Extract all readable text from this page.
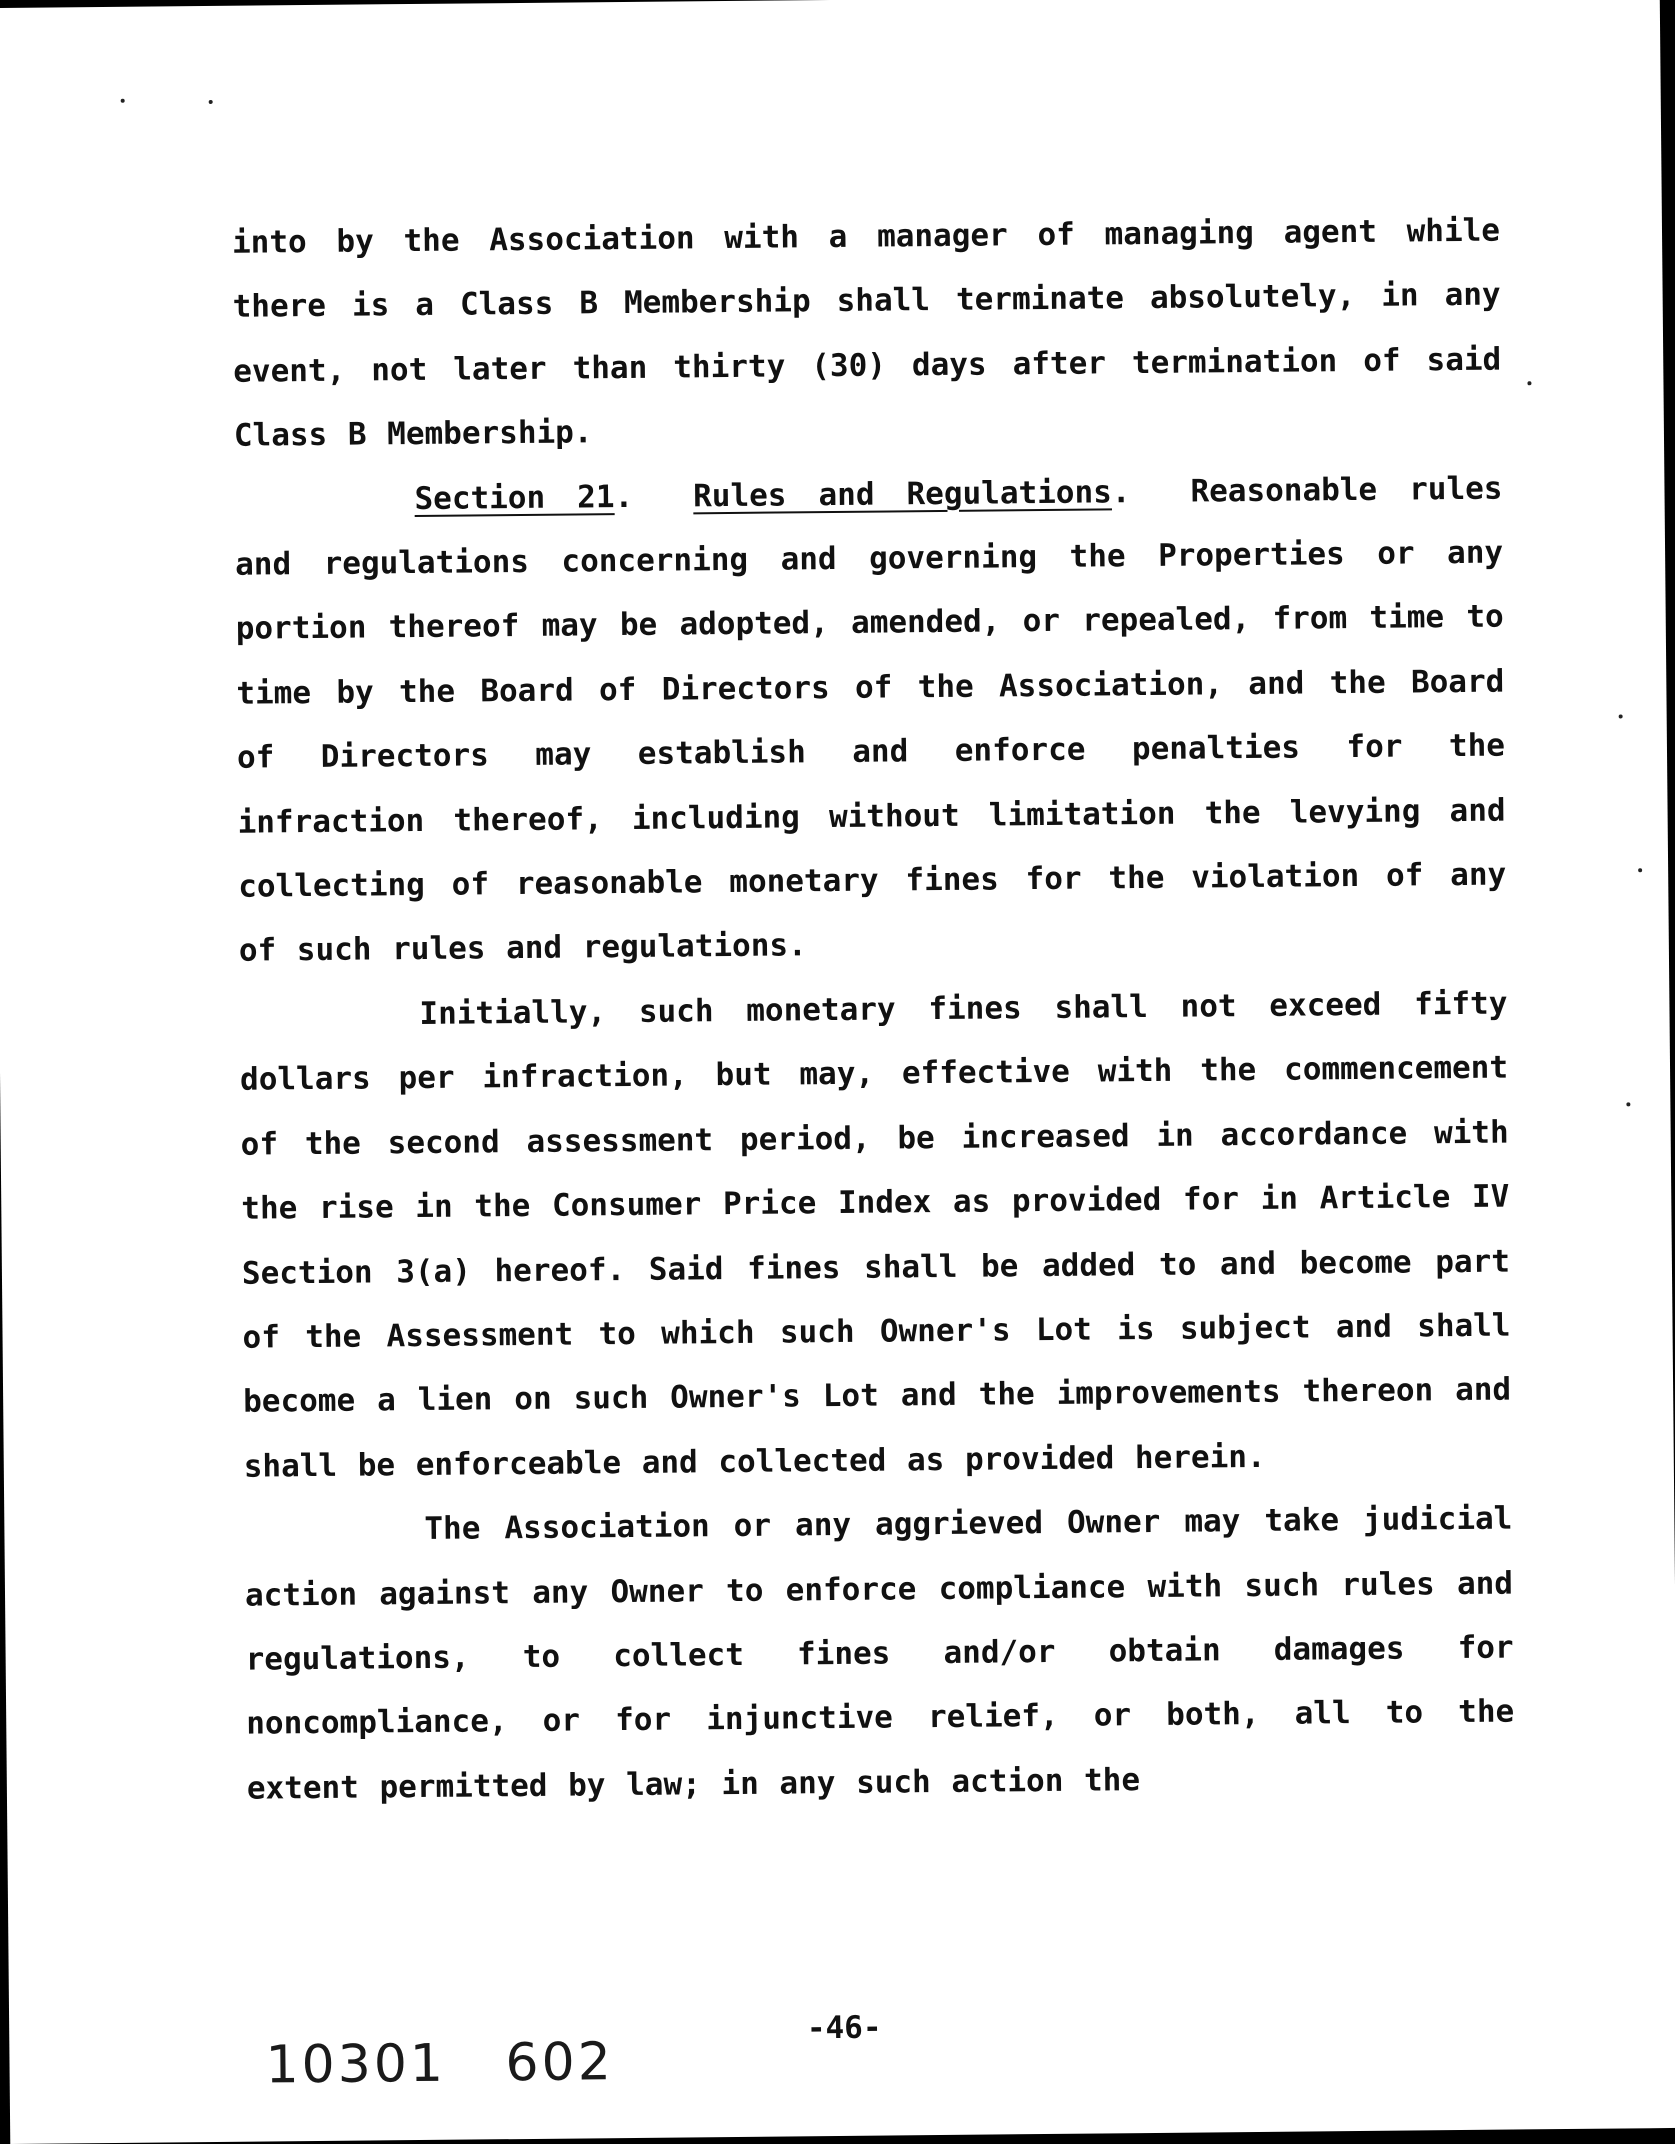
into by the Association with a manager of managing agent while there is a Class B Membership shall terminate absolutely, in any event, not later than thirty (30) days after termination of said Class B Membership.

Section 21. Rules and Regulations. Reasonable rules and regulations concerning and governing the Properties or any portion thereof may be adopted, amended, or repealed, from time to time by the Board of Directors of the Association, and the Board of Directors may establish and enforce penalties for the infraction thereof, including without limitation the levying and collecting of reasonable monetary fines for the violation of any of such rules and regulations.

Initially, such monetary fines shall not exceed fifty dollars per infraction, but may, effective with the commencement of the second assessment period, be increased in accordance with the rise in the Consumer Price Index as provided for in Article IV Section 3(a) hereof. Said fines shall be added to and become part of the Assessment to which such Owner's Lot is subject and shall become a lien on such Owner's Lot and the improvements thereon and shall be enforceable and collected as provided herein.

The Association or any aggrieved Owner may take judicial action against any Owner to enforce compliance with such rules and regulations, to collect fines and/or obtain damages for noncompliance, or for injunctive relief, or both, all to the extent permitted by law; in any such action the

-46-
10301 602
